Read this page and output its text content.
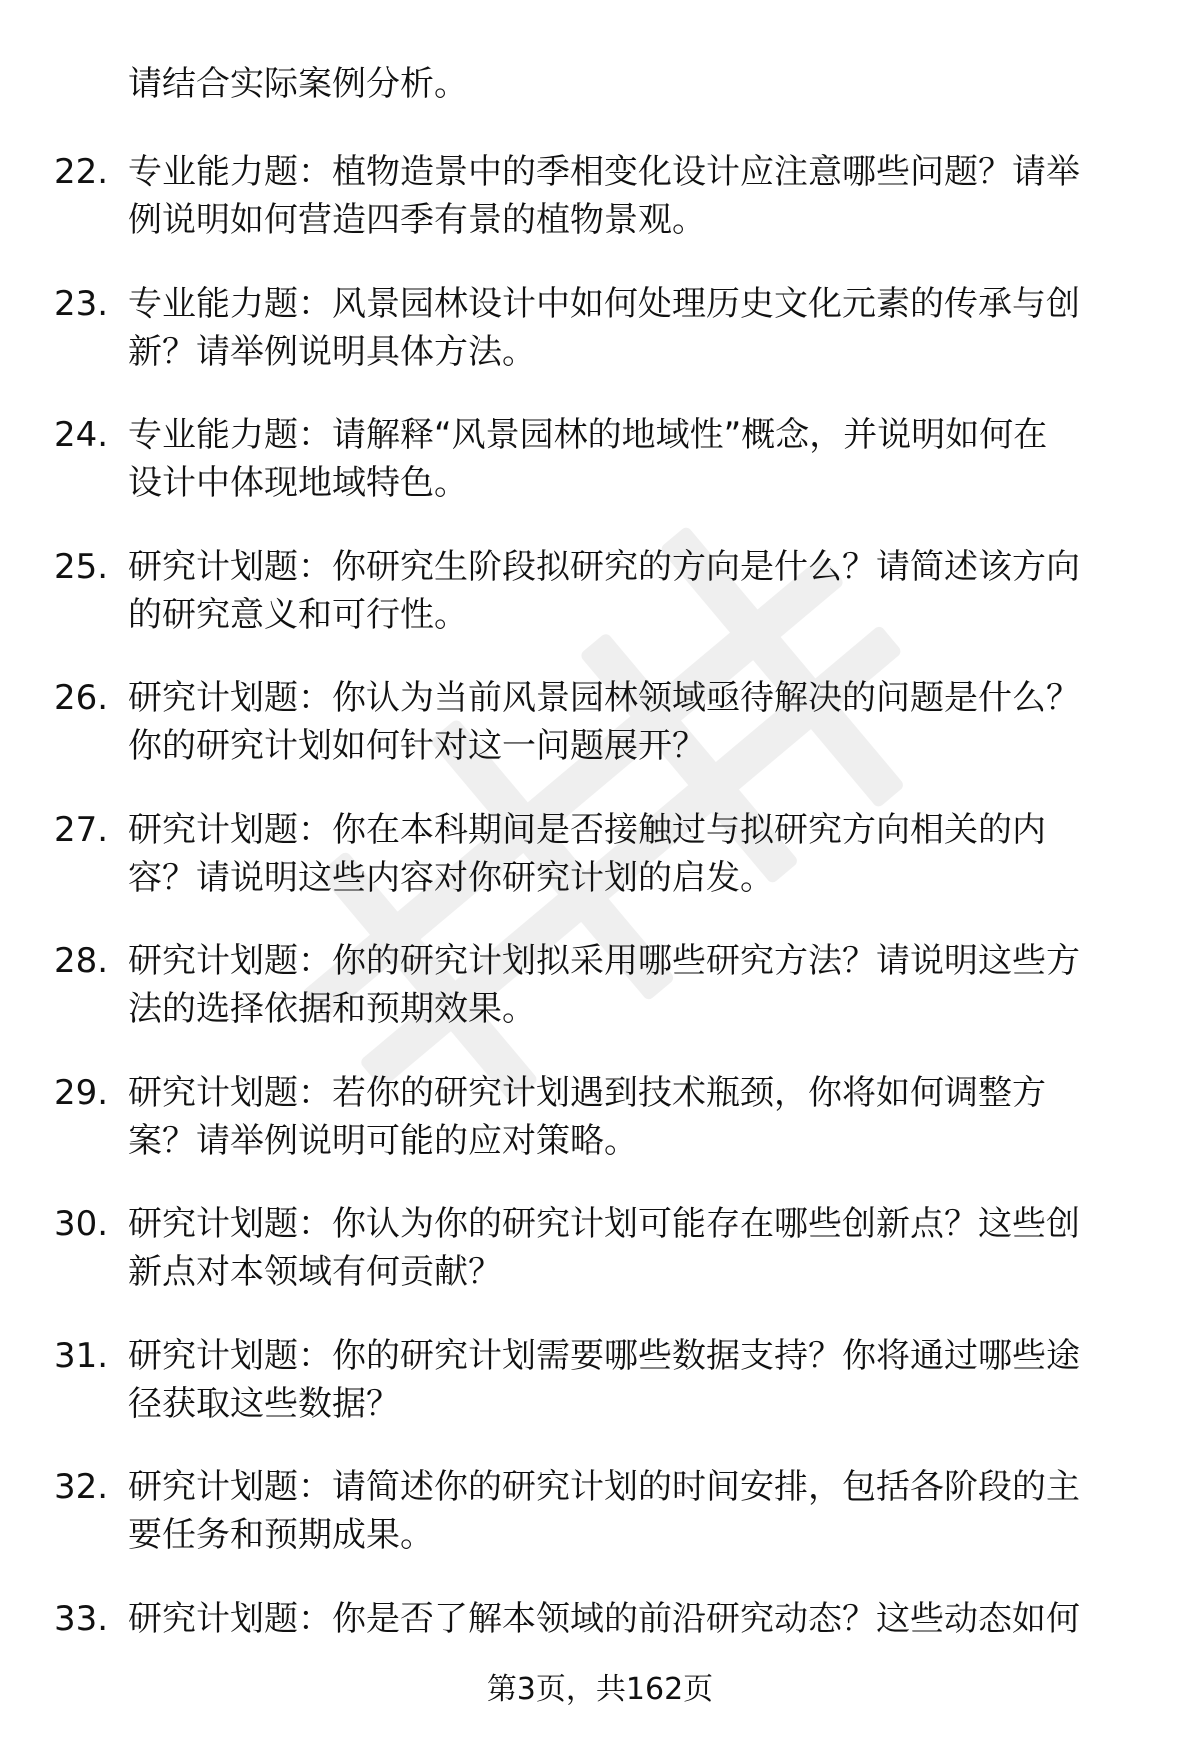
请结合实际案例分析。
22. 专业能力题：植物造景中的季相变化设计应注意哪些问题？请举
例说明如何营造四季有景的植物景观。
23. 专业能力题：风景园林设计中如何处理历史文化元素的传承与创
新？请举例说明具体方法。
24. 专业能力题：请解释“风景园林的地域性”概念，并说明如何在
设计中体现地域特色。
25. 研究计划题：你研究生阶段拟研究的方向是什么？请简述该方向
的研究意义和可行性。
26. 研究计划题：你认为当前风景园林领域亟待解决的问题是什么？
你的研究计划如何针对这一问题展开？
27. 研究计划题：你在本科期间是否接触过与拟研究方向相关的内
容？请说明这些内容对你研究计划的启发。
28. 研究计划题：你的研究计划拟采用哪些研究方法？请说明这些方
法的选择依据和预期效果。
29. 研究计划题：若你的研究计划遇到技术瓶颈，你将如何调整方
案？请举例说明可能的应对策略。
30. 研究计划题：你认为你的研究计划可能存在哪些创新点？这些创
新点对本领域有何贡献？
31. 研究计划题：你的研究计划需要哪些数据支持？你将通过哪些途
径获取这些数据？
32. 研究计划题：请简述你的研究计划的时间安排，包括各阶段的主
要任务和预期成果。
33. 研究计划题：你是否了解本领域的前沿研究动态？这些动态如何
第3页，共162页
